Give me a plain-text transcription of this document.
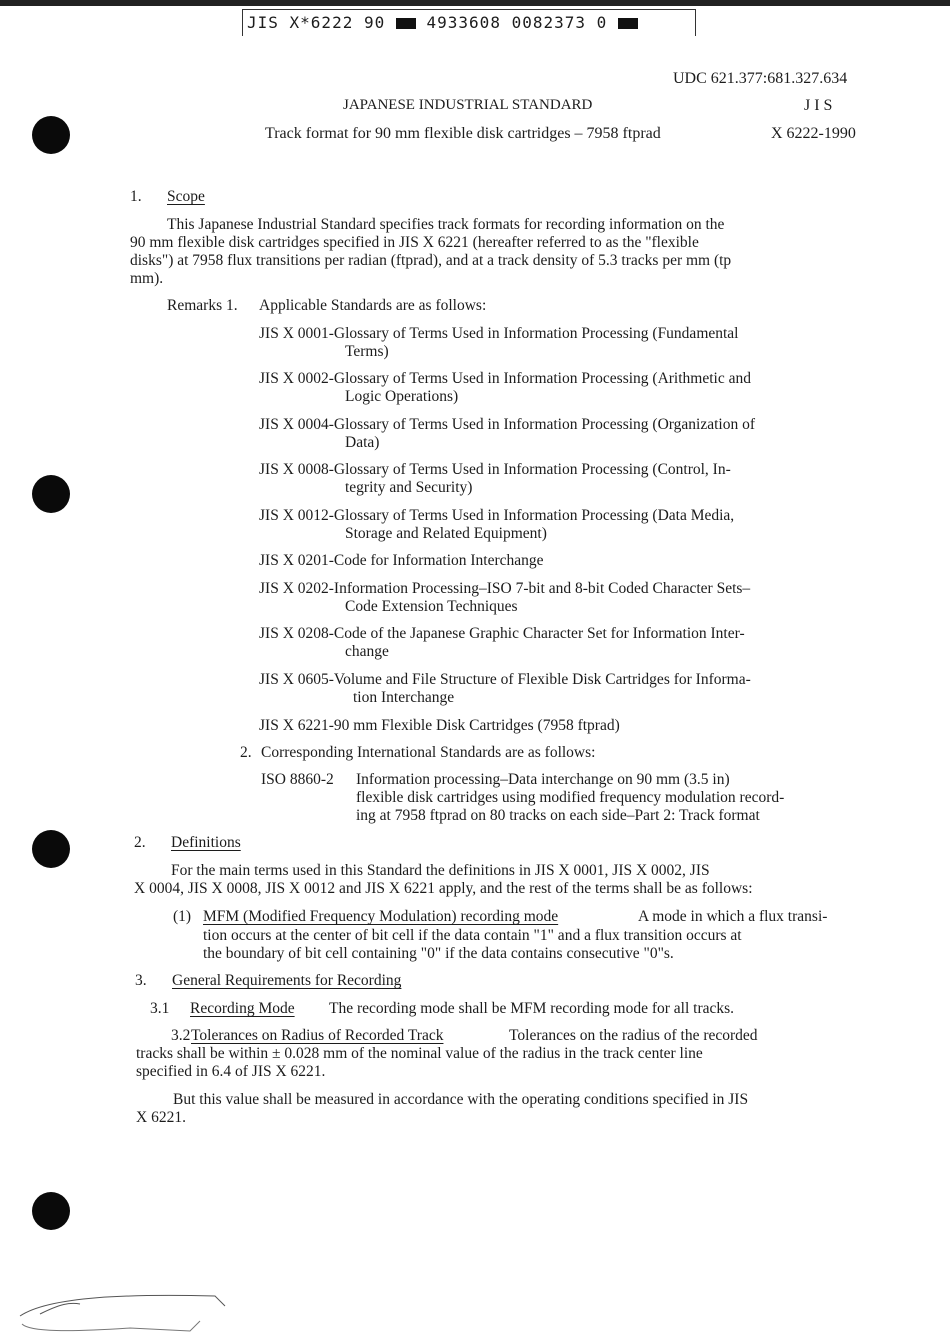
JIS X*6222 90	4933608 0082373 0
UDC 621.377:681.327.634
JAPANESE INDUSTRIAL STANDARD	J I S
Track format for 90 mm flexible disk cartridges – 7958 ftprad	X 6222-1990
1. Scope
This Japanese Industrial Standard specifies track formats for recording information on the
90 mm flexible disk cartridges specified in JIS X 6221 (hereafter referred to as the "flexible
disks") at 7958 flux transitions per radian (ftprad), and at a track density of 5.3 tracks per mm (tp
mm).
Remarks 1. Applicable Standards are as follows:
JIS X 0001-Glossary of Terms Used in Information Processing (Fundamental
Terms)
JIS X 0002-Glossary of Terms Used in Information Processing (Arithmetic and
Logic Operations)
JIS X 0004-Glossary of Terms Used in Information Processing (Organization of
Data)
JIS X 0008-Glossary of Terms Used in Information Processing (Control, In-
tegrity and Security)
JIS X 0012-Glossary of Terms Used in Information Processing (Data Media,
Storage and Related Equipment)
JIS X 0201-Code for Information Interchange
JIS X 0202-Information Processing–ISO 7-bit and 8-bit Coded Character Sets–
Code Extension Techniques
JIS X 0208-Code of the Japanese Graphic Character Set for Information Inter-
change
JIS X 0605-Volume and File Structure of Flexible Disk Cartridges for Informa-
tion Interchange
JIS X 6221-90 mm Flexible Disk Cartridges (7958 ftprad)
2. Corresponding International Standards are as follows:
ISO 8860-2 Information processing–Data interchange on 90 mm (3.5 in)
flexible disk cartridges using modified frequency modulation record-
ing at 7958 ftprad on 80 tracks on each side–Part 2: Track format
2. Definitions
For the main terms used in this Standard the definitions in JIS X 0001, JIS X 0002, JIS
X 0004, JIS X 0008, JIS X 0012 and JIS X 6221 apply, and the rest of the terms shall be as follows:
(1) MFM (Modified Frequency Modulation) recording mode	A mode in which a flux transi-
tion occurs at the center of bit cell if the data contain "1" and a flux transition occurs at
the boundary of bit cell containing "0" if the data contains consecutive "0"s.
3. General Requirements for Recording
3.1 Recording Mode The recording mode shall be MFM recording mode for all tracks.
3.2 Tolerances on Radius of Recorded Track	Tolerances on the radius of the recorded
tracks shall be within ± 0.028 mm of the nominal value of the radius in the track center line
specified in 6.4 of JIS X 6221.
But this value shall be measured in accordance with the operating conditions specified in JIS
X 6221.
